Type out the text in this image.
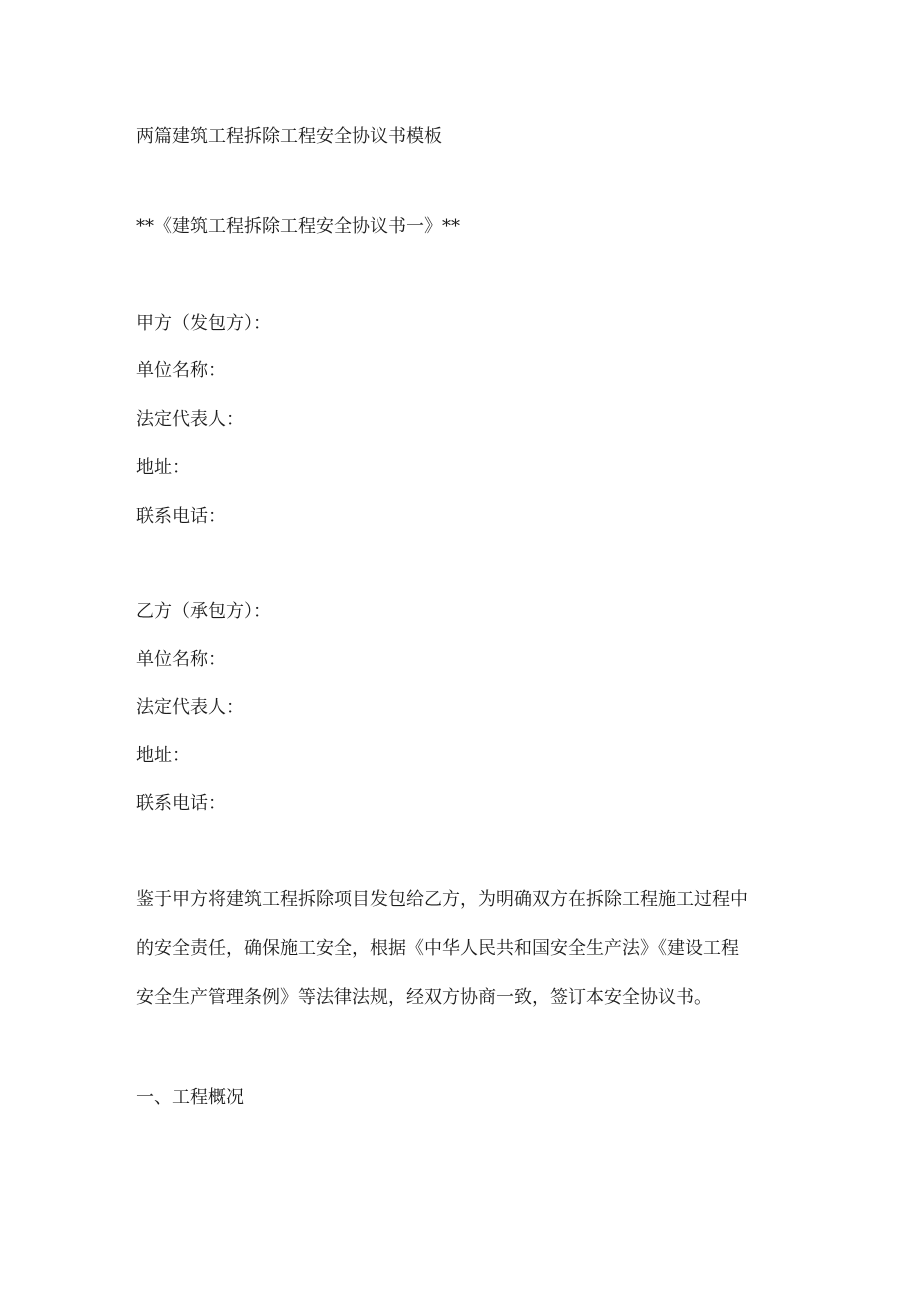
两篇建筑工程拆除工程安全协议书模板
**《建筑工程拆除工程安全协议书一》**
甲方（发包方）：
单位名称：
法定代表人：
地址：
联系电话：
乙方（承包方）：
单位名称：
法定代表人：
地址：
联系电话：
鉴于甲方将建筑工程拆除项目发包给乙方，为明确双方在拆除工程施工过程中
的安全责任，确保施工安全，根据《中华人民共和国安全生产法》《建设工程
安全生产管理条例》等法律法规，经双方协商一致，签订本安全协议书。
一、工程概况
